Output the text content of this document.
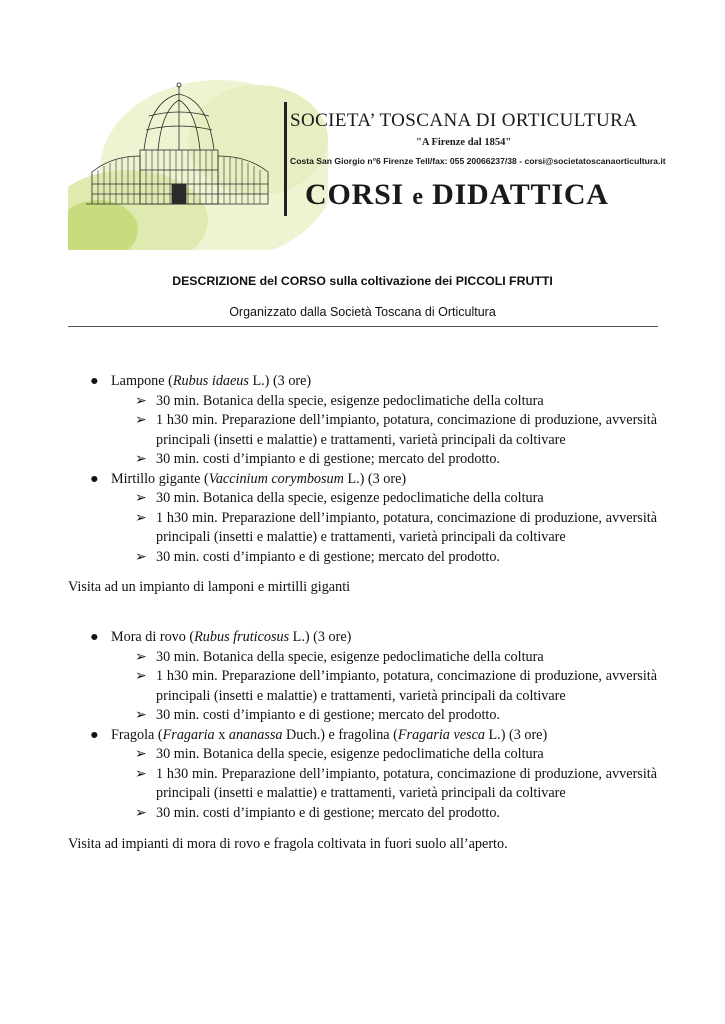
SOCIETA’ TOSCANA DI ORTICULTURA
"A Firenze dal 1854"
Costa San Giorgio n°6 Firenze Tell/fax: 055 20066237/38 - corsi@societatoscanaorticultura.it
CORSI e DIDATTICA
DESCRIZIONE del CORSO sulla coltivazione dei PICCOLI FRUTTI
Organizzato dalla Società Toscana di Orticultura
● Lampone (Rubus idaeus L.) (3 ore)
➢ 30 min. Botanica della specie, esigenze pedoclimatiche della coltura
➢ 1 h30 min. Preparazione dell’impianto, potatura, concimazione di produzione, avversità principali (insetti e malattie) e trattamenti, varietà principali da coltivare
➢ 30 min. costi d’impianto e di gestione; mercato del prodotto.
● Mirtillo gigante (Vaccinium corymbosum L.) (3 ore)
➢ 30 min. Botanica della specie, esigenze pedoclimatiche della coltura
➢ 1 h30 min. Preparazione dell’impianto, potatura, concimazione di produzione, avversità principali (insetti e malattie) e trattamenti, varietà principali da coltivare
➢ 30 min. costi d’impianto e di gestione; mercato del prodotto.
Visita ad un impianto di lamponi e mirtilli giganti
● Mora di rovo (Rubus fruticosus L.) (3 ore)
➢ 30 min. Botanica della specie, esigenze pedoclimatiche della coltura
➢ 1 h30 min. Preparazione dell’impianto, potatura, concimazione di produzione, avversità principali (insetti e malattie) e trattamenti, varietà principali da coltivare
➢ 30 min. costi d’impianto e di gestione; mercato del prodotto.
● Fragola (Fragaria x ananassa Duch.) e fragolina (Fragaria vesca L.) (3 ore)
➢ 30 min. Botanica della specie, esigenze pedoclimatiche della coltura
➢ 1 h30 min. Preparazione dell’impianto, potatura, concimazione di produzione, avversità principali (insetti e malattie) e trattamenti, varietà principali da coltivare
➢ 30 min. costi d’impianto e di gestione; mercato del prodotto.
Visita ad impianti di mora di rovo e fragola coltivata in fuori suolo all’aperto.
